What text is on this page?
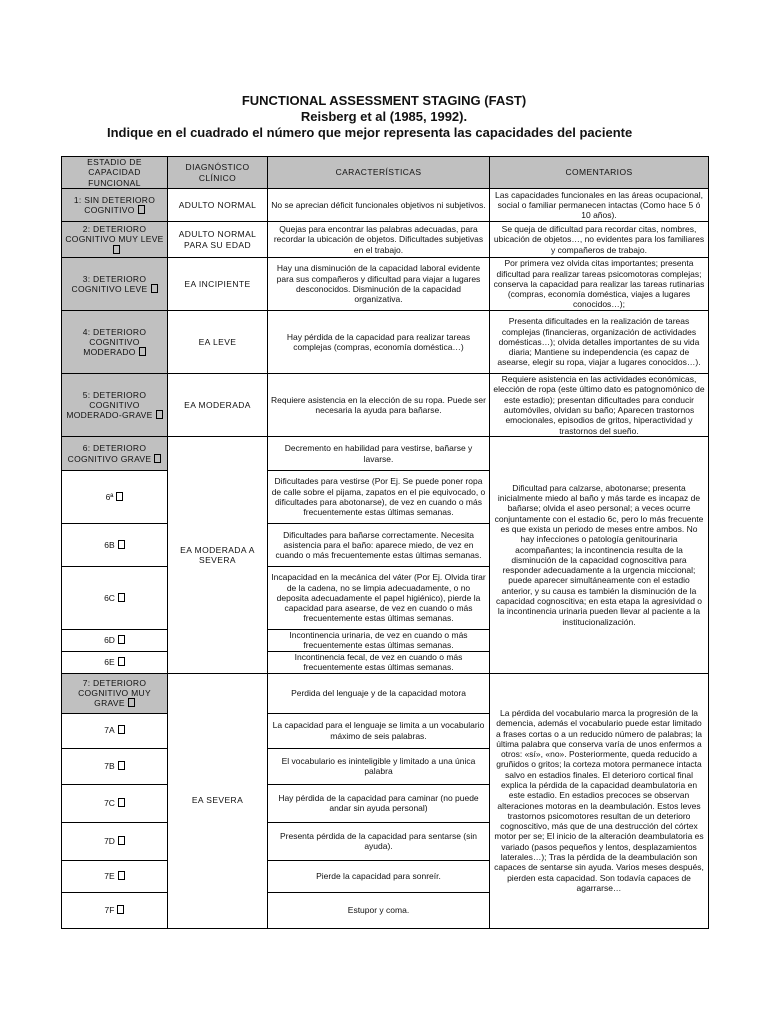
FUNCTIONAL ASSESSMENT STAGING (FAST)
Reisberg et al (1985, 1992).
Indique en el cuadrado el número que mejor representa las capacidades del paciente
ESTADIO DE CAPACIDAD FUNCIONAL	DIAGNÓSTICO CLÍNICO	CARACTERÍSTICAS	COMENTARIOS
1: SIN DETERIORO COGNITIVO	ADULTO NORMAL	No se aprecian déficit funcionales objetivos ni subjetivos.	Las capacidades funcionales en las áreas ocupacional, social o familiar permanecen intactas (Como hace 5 ó 10 años).
2: DETERIORO COGNITIVO MUY LEVE	ADULTO NORMAL PARA SU EDAD	Quejas para encontrar las palabras adecuadas, para recordar la ubicación de objetos. Dificultades subjetivas en el trabajo.	Se queja de dificultad para recordar citas, nombres, ubicación de objetos…, no evidentes para los familiares y compañeros de trabajo.
3: DETERIORO COGNITIVO LEVE	EA INCIPIENTE	Hay una disminución de la capacidad laboral evidente para sus compañeros y dificultad para viajar a lugares desconocidos. Disminución de la capacidad organizativa.	Por primera vez olvida citas importantes; presenta dificultad para realizar tareas psicomotoras complejas; conserva la capacidad para realizar las tareas rutinarias (compras, economía doméstica, viajes a lugares conocidos…);
4: DETERIORO COGNITIVO MODERADO	EA LEVE	Hay pérdida de la capacidad para realizar tareas complejas (compras, economía doméstica…)	Presenta dificultades en la realización de tareas complejas (financieras, organización de actividades domésticas…); olvida detalles importantes de su vida diaria; Mantiene su independencia (es capaz de asearse, elegir su ropa, viajar a lugares conocidos…).
5: DETERIORO COGNITIVO MODERADO-GRAVE	EA MODERADA	Requiere asistencia en la elección de su ropa. Puede ser necesaria la ayuda para bañarse.	Requiere asistencia en las actividades económicas, elección de ropa (este último dato es patognomónico de este estadio); presentan dificultades para conducir automóviles, olvidan su baño; Aparecen trastornos emocionales, episodios de gritos, hiperactividad y trastornos del sueño.
6: DETERIORO COGNITIVO GRAVE	EA MODERADA A SEVERA	Decremento en habilidad para vestirse, bañarse y lavarse.	Dificultad para calzarse, abotonarse; presenta inicialmente miedo al baño y más tarde es incapaz de bañarse; olvida el aseo personal; a veces ocurre conjuntamente con el estadio 6c, pero lo más frecuente es que exista un periodo de meses entre ambos. No hay infecciones o patología genitourinaria acompañantes; la incontinencia resulta de la disminución de la capacidad cognoscitiva para responder adecuadamente a la urgencia miccional; puede aparecer simultáneamente con el estadio anterior, y su causa es también la disminución de la capacidad cognoscitiva; en esta etapa la agresividad o la incontinencia urinaria pueden llevar al paciente a la institucionalización.
6ª		Dificultades para vestirse (Por Ej. Se puede poner ropa de calle sobre el pijama, zapatos en el pie equivocado, o dificultades para abotonarse), de vez en cuando o más frecuentemente estas últimas semanas.	
6B		Dificultades para bañarse correctamente. Necesita asistencia para el baño: aparece miedo, de vez en cuando o más frecuentemente estas últimas semanas.	
6C		Incapacidad en la mecánica del váter (Por Ej. Olvida tirar de la cadena, no se limpia adecuadamente, o no deposita adecuadamente el papel higiénico), pierde la capacidad para asearse, de vez en cuando o más frecuentemente estas últimas semanas.	
6D		Incontinencia urinaria, de vez en cuando o más frecuentemente estas últimas semanas.	
6E		Incontinencia fecal, de vez en cuando o más frecuentemente estas últimas semanas.	
7: DETERIORO COGNITIVO MUY GRAVE	EA SEVERA	Perdida del lenguaje y de la capacidad motora	La pérdida del vocabulario marca la progresión de la demencia, además el vocabulario puede estar limitado a frases cortas o a un reducido número de palabras; la última palabra que conserva varía de unos enfermos a otros: «sí», «no». Posteriormente, queda reducido a gruñidos o gritos; la corteza motora permanece intacta salvo en estadios finales. El deterioro cortical final explica la pérdida de la capacidad deambulatoria en este estadio. En estadios precoces se observan alteraciones motoras en la deambulación. Estos leves trastornos psicomotores resultan de un deterioro cognoscitivo, más que de una destrucción del córtex motor per se; El inicio de la alteración deambulatoria es variado (pasos pequeños y lentos, desplazamientos laterales…); Tras la pérdida de la deambulación son capaces de sentarse sin ayuda. Varios meses después, pierden esta capacidad. Son todavía capaces de agarrarse…
7A		La capacidad para el lenguaje se limita a un vocabulario máximo de seis palabras.	
7B		El vocabulario es ininteligible y limitado a una única palabra	
7C		Hay pérdida de la capacidad para caminar (no puede andar sin ayuda personal)	
7D		Presenta pérdida de la capacidad para sentarse (sin ayuda).	
7E		Pierde la capacidad para sonreír.	
7F		Estupor y coma.	
